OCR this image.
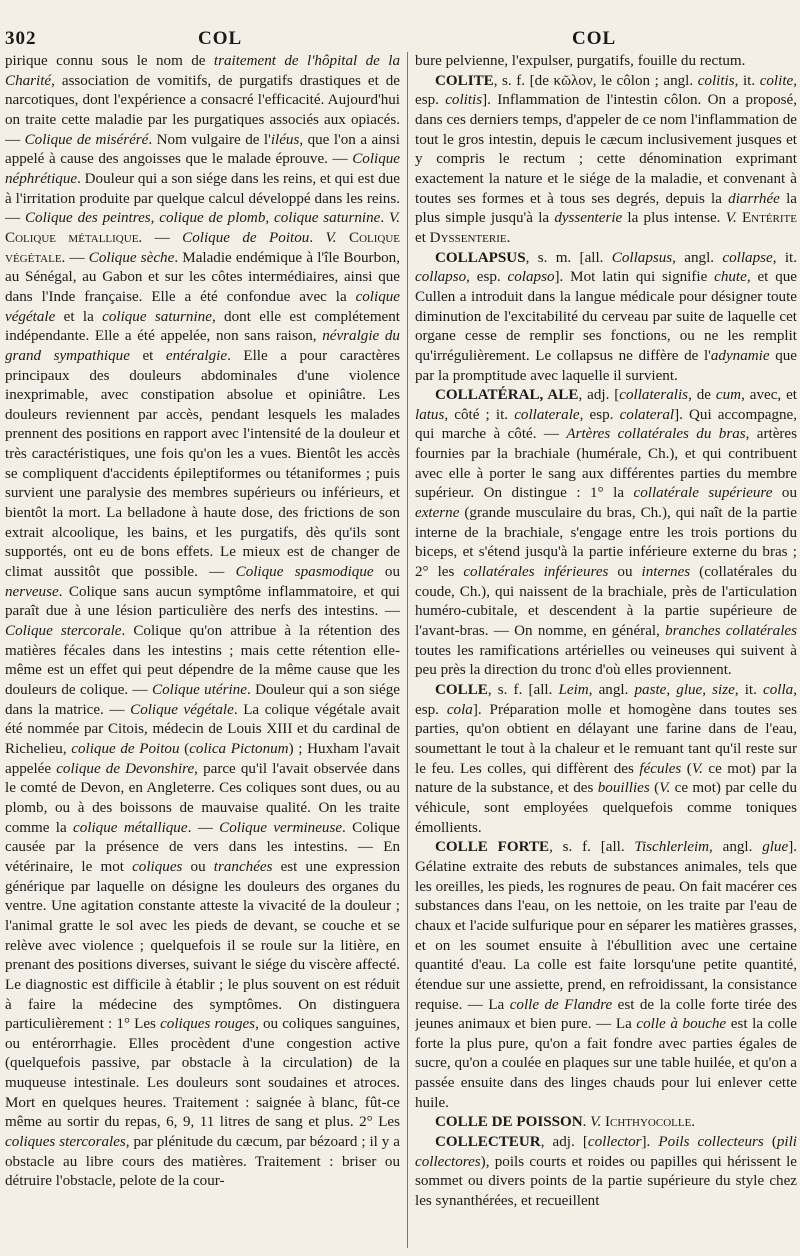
302	COL	COL

pirique connu sous le nom de traitement de l'hôpital de la Charité, association de vomitifs, de purgatifs drastiques et de narcotiques, dont l'expérience a consacré l'efficacité. Aujourd'hui on traite cette maladie par les purgatiques associés aux opiacés. — Colique de miséréré. Nom vulgaire de l'iléus, que l'on a ainsi appelé à cause des angoisses que le malade éprouve. — Colique néphrétique. Douleur qui a son siége dans les reins, et qui est due à l'irritation produite par quelque calcul développé dans les reins. — Colique des peintres, colique de plomb, colique saturnine. V. Colique métallique. — Colique de Poitou. V. Colique végétale. — Colique sèche. Maladie endémique à l'île Bourbon, au Sénégal, au Gabon et sur les côtes intermédiaires, ainsi que dans l'Inde française. Elle a été confondue avec la colique végétale et la colique saturnine, dont elle est complétement indépendante. Elle a été appelée, non sans raison, névralgie du grand sympathique et entéralgie. Elle a pour caractères principaux des douleurs abdominales d'une violence inexprimable, avec constipation absolue et opiniâtre. Les douleurs reviennent par accès, pendant lesquels les malades prennent des positions en rapport avec l'intensité de la douleur et très caractéristiques, une fois qu'on les a vues. Bientôt les accès se compliquent d'accidents épileptiformes ou tétaniformes ; puis survient une paralysie des membres supérieurs ou inférieurs, et bientôt la mort. La belladone à haute dose, des frictions de son extrait alcoolique, les bains, et les purgatifs, dès qu'ils sont supportés, ont eu de bons effets. Le mieux est de changer de climat aussitôt que possible. — Colique spasmodique ou nerveuse. Colique sans aucun symptôme inflammatoire, et qui paraît due à une lésion particulière des nerfs des intestins. — Colique stercorale. Colique qu'on attribue à la rétention des matières fécales dans les intestins ; mais cette rétention elle-même est un effet qui peut dépendre de la même cause que les douleurs de colique. — Colique utérine. Douleur qui a son siége dans la matrice. — Colique végétale. La colique végétale avait été nommée par Citois, médecin de Louis XIII et du cardinal de Richelieu, colique de Poitou (colica Pictonum) ; Huxham l'avait appelée colique de Devonshire, parce qu'il l'avait observée dans le comté de Devon, en Angleterre. Ces coliques sont dues, ou au plomb, ou à des boissons de mauvaise qualité. On les traite comme la colique métallique. — Colique vermineuse. Colique causée par la présence de vers dans les intestins. — En vétérinaire, le mot coliques ou tranchées est une expression générique par laquelle on désigne les douleurs des organes du ventre. Une agitation constante atteste la vivacité de la douleur ; l'animal gratte le sol avec les pieds de devant, se couche et se relève avec violence ; quelquefois il se roule sur la litière, en prenant des positions diverses, suivant le siége du viscère affecté. Le diagnostic est difficile à établir ; le plus souvent on est réduit à faire la médecine des symptômes. On distinguera particulièrement : 1° Les coliques rouges, ou coliques sanguines, ou entérorrhagie. Elles procèdent d'une congestion active (quelquefois passive, par obstacle à la circulation) de la muqueuse intestinale. Les douleurs sont soudaines et atroces. Mort en quelques heures. Traitement : saignée à blanc, fût-ce même au sortir du repas, 6, 9, 11 litres de sang et plus. 2° Les coliques stercorales, par plénitude du cæcum, par bézoard ; il y a obstacle au libre cours des matières. Traitement : briser ou détruire l'obstacle, pelote de la cour-

bure pelvienne, l'expulser, purgatifs, fouille du rectum.

COLITE, s. f. [de κῶλον, le côlon ; angl. colitis, it. colite, esp. colitis]. Inflammation de l'intestin côlon. On a proposé, dans ces derniers temps, d'appeler de ce nom l'inflammation de tout le gros intestin, depuis le cæcum inclusivement jusques et y compris le rectum ; cette dénomination exprimant exactement la nature et le siége de la maladie, et convenant à toutes ses formes et à tous ses degrés, depuis la diarrhée la plus simple jusqu'à la dyssenterie la plus intense. V. Entérite et Dyssenterie.

COLLAPSUS, s. m. [all. Collapsus, angl. collapse, it. collapso, esp. colapso]. Mot latin qui signifie chute, et que Cullen a introduit dans la langue médicale pour désigner toute diminution de l'excitabilité du cerveau par suite de laquelle cet organe cesse de remplir ses fonctions, ou ne les remplit qu'irrégulièrement. Le collapsus ne diffère de l'adynamie que par la promptitude avec laquelle il survient.

COLLATÉRAL, ALE, adj. [collateralis, de cum, avec, et latus, côté ; it. collaterale, esp. colateral]. Qui accompagne, qui marche à côté. — Artères collatérales du bras, artères fournies par la brachiale (humérale, Ch.), et qui contribuent avec elle à porter le sang aux différentes parties du membre supérieur. On distingue : 1° la collatérale supérieure ou externe (grande musculaire du bras, Ch.), qui naît de la partie interne de la brachiale, s'engage entre les trois portions du biceps, et s'étend jusqu'à la partie inférieure externe du bras ; 2° les collatérales inférieures ou internes (collatérales du coude, Ch.), qui naissent de la brachiale, près de l'articulation huméro-cubitale, et descendent à la partie supérieure de l'avant-bras. — On nomme, en général, branches collatérales toutes les ramifications artérielles ou veineuses qui suivent à peu près la direction du tronc d'où elles proviennent.

COLLE, s. f. [all. Leim, angl. paste, glue, size, it. colla, esp. cola]. Préparation molle et homogène dans toutes ses parties, qu'on obtient en délayant une farine dans de l'eau, soumettant le tout à la chaleur et le remuant tant qu'il reste sur le feu. Les colles, qui diffèrent des fécules (V. ce mot) par la nature de la substance, et des bouillies (V. ce mot) par celle du véhicule, sont employées quelquefois comme toniques émollients.

COLLE FORTE, s. f. [all. Tischlerleim, angl. glue]. Gélatine extraite des rebuts de substances animales, tels que les oreilles, les pieds, les rognures de peau. On fait macérer ces substances dans l'eau, on les nettoie, on les traite par l'eau de chaux et l'acide sulfurique pour en séparer les matières grasses, et on les soumet ensuite à l'ébullition avec une certaine quantité d'eau. La colle est faite lorsqu'une petite quantité, étendue sur une assiette, prend, en refroidissant, la consistance requise. — La colle de Flandre est de la colle forte tirée des jeunes animaux et bien pure. — La colle à bouche est la colle forte la plus pure, qu'on a fait fondre avec parties égales de sucre, qu'on a coulée en plaques sur une table huilée, et qu'on a passée ensuite dans des linges chauds pour lui enlever cette huile.

COLLE DE POISSON. V. Ichthyocolle.

COLLECTEUR, adj. [collector]. Poils collecteurs (pili collectores), poils courts et roides ou papilles qui hérissent le sommet ou divers points de la partie supérieure du style chez les synanthérées, et recueillent
